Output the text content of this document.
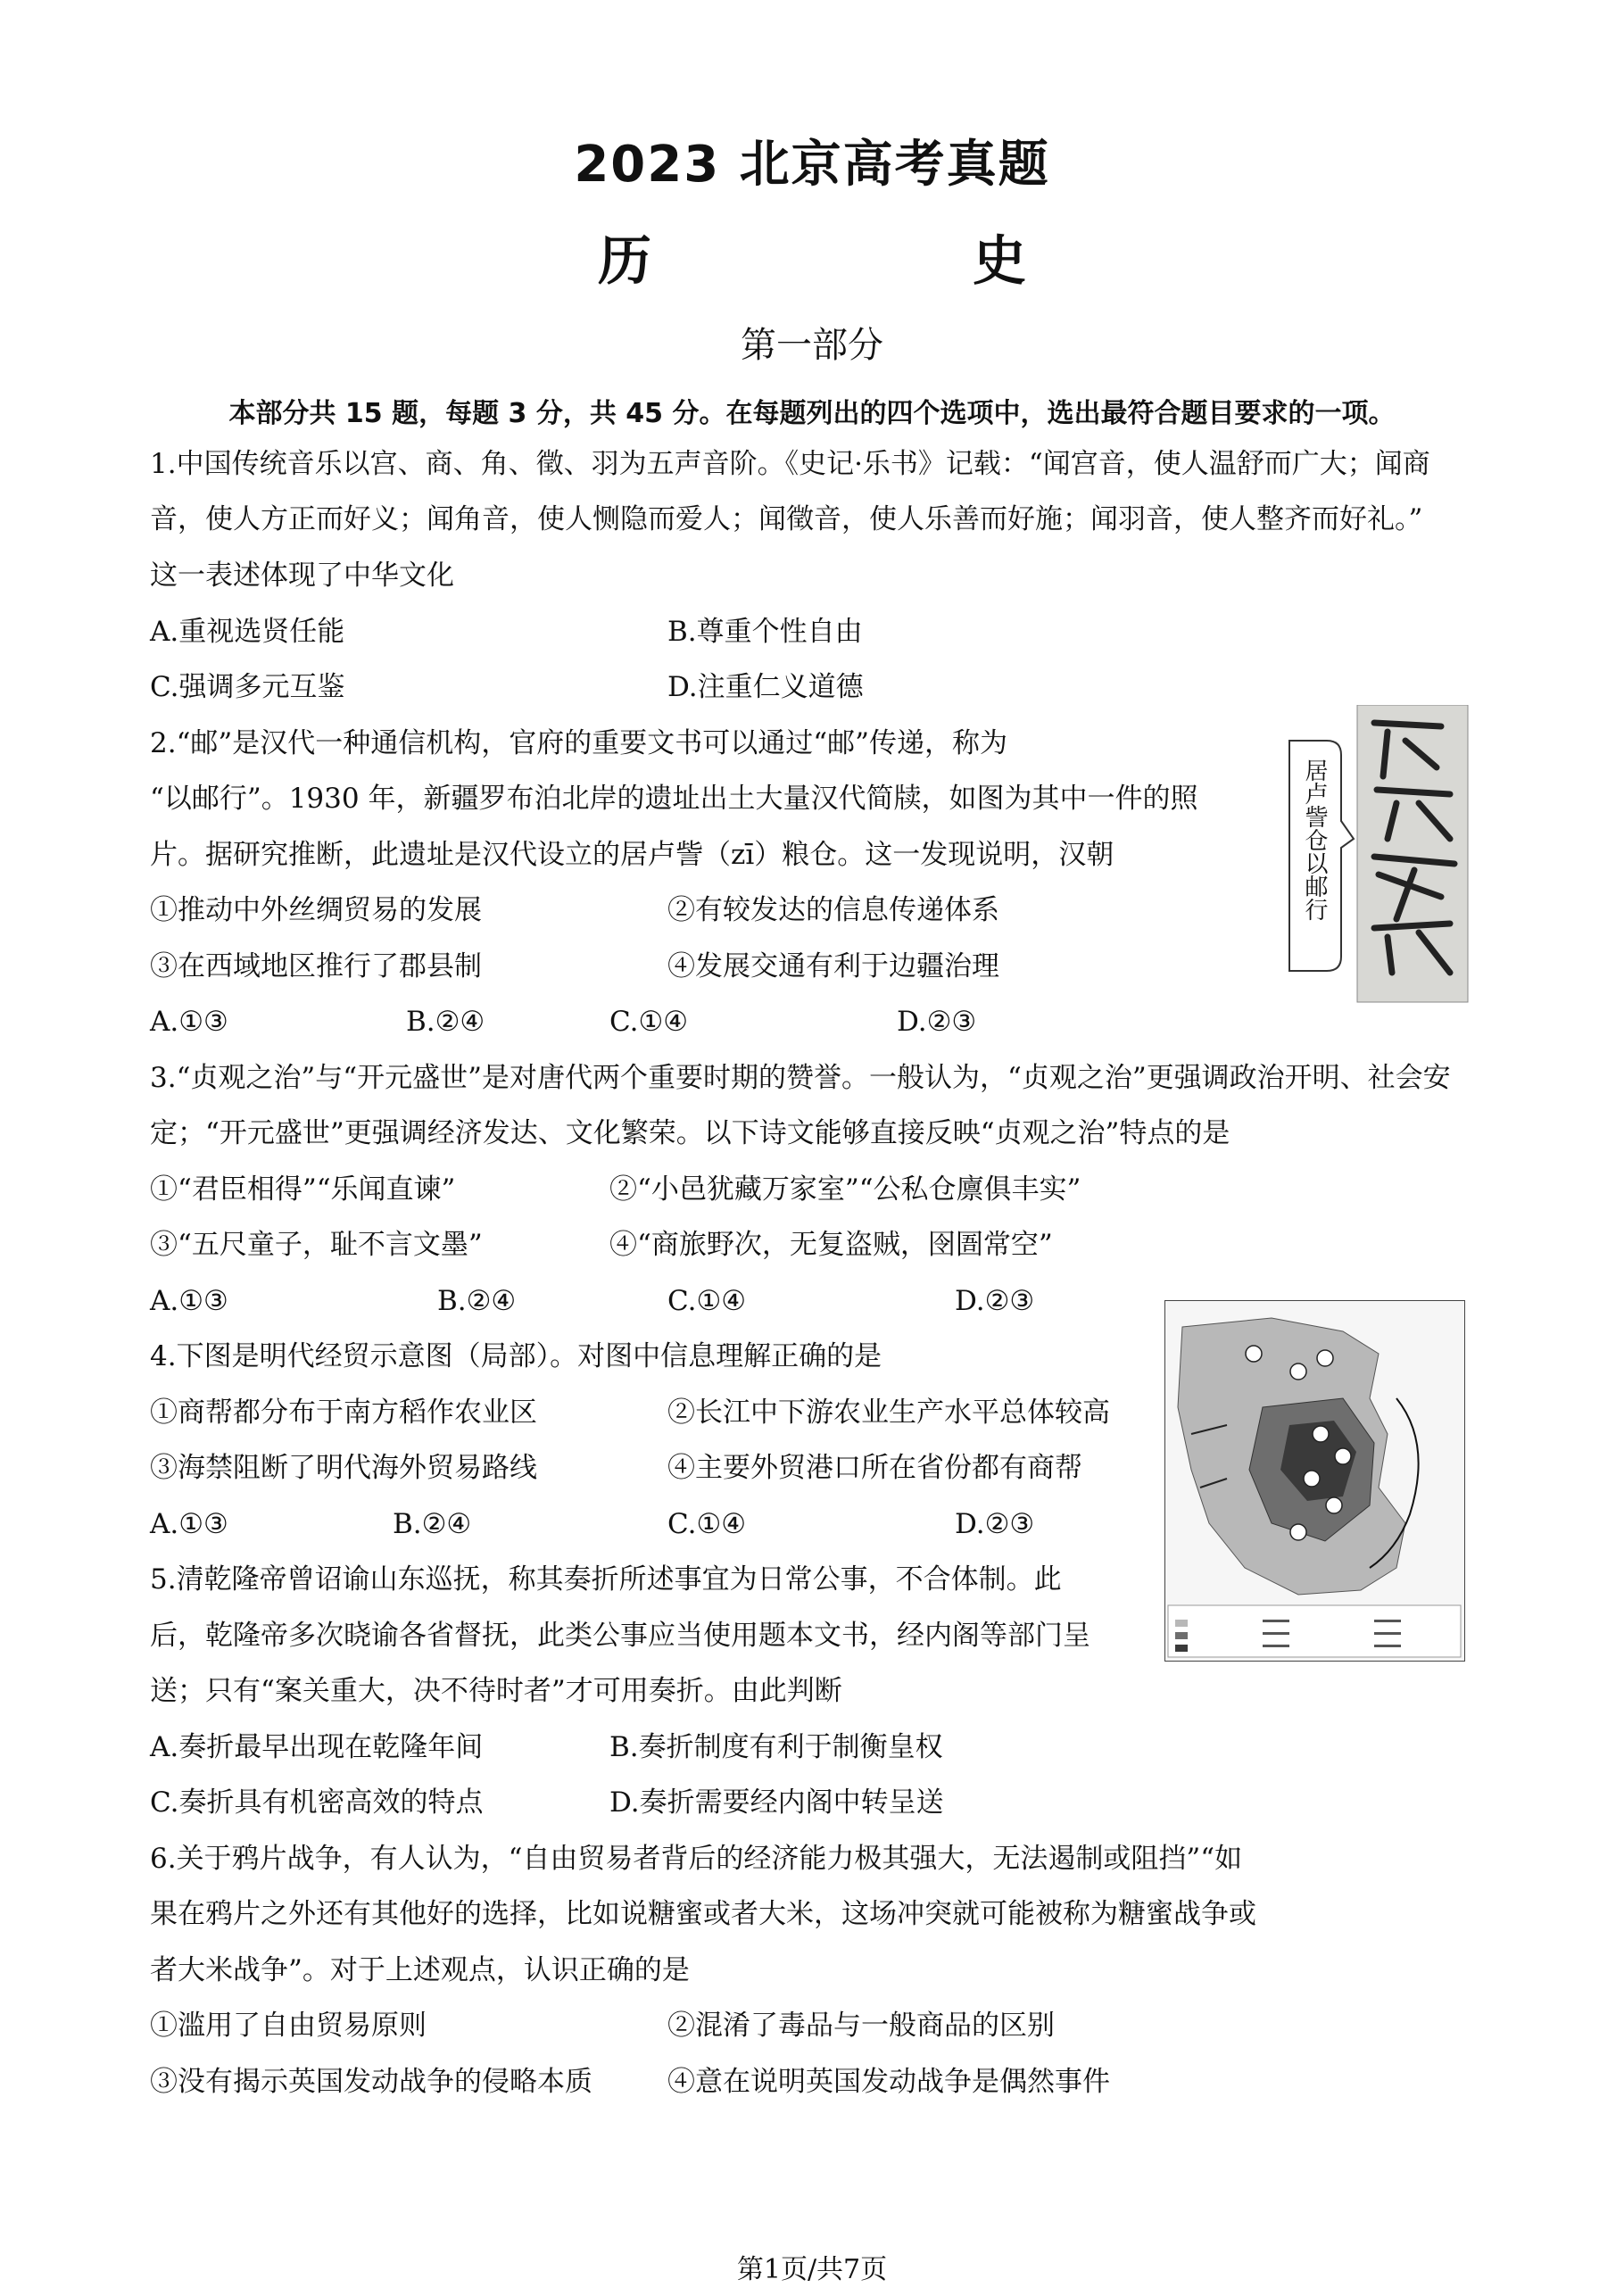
2023 北京高考真题
历　　史
第一部分
本部分共 15 题，每题 3 分，共 45 分。在每题列出的四个选项中，选出最符合题目要求的一项。
1.中国传统音乐以宫、商、角、徵、羽为五声音阶。《史记·乐书》记载：“闻宫音，使人温舒而广大；闻商
音，使人方正而好义；闻角音，使人恻隐而爱人；闻徵音，使人乐善而好施；闻羽音，使人整齐而好礼。”
这一表述体现了中华文化
A.重视选贤任能	B.尊重个性自由
C.强调多元互鉴	D.注重仁义道德
2.“邮”是汉代一种通信机构，官府的重要文书可以通过“邮”传递，称为
“以邮行”。1930 年，新疆罗布泊北岸的遗址出土大量汉代简牍，如图为其中一件的照
片。据研究推断，此遗址是汉代设立的居卢訾（zī）粮仓。这一发现说明，汉朝
①推动中外丝绸贸易的发展	②有较发达的信息传递体系
③在西域地区推行了郡县制	④发展交通有利于边疆治理
A.①③	B.②④	C.①④	D.②③
居卢訾仓以邮行
3.“贞观之治”与“开元盛世”是对唐代两个重要时期的赞誉。一般认为，“贞观之治”更强调政治开明、社会安
定；“开元盛世”更强调经济发达、文化繁荣。以下诗文能够直接反映“贞观之治”特点的是
①“君臣相得”“乐闻直谏”	②“小邑犹藏万家室”“公私仓廪俱丰实”
③“五尺童子，耻不言文墨”	④“商旅野次，无复盗贼，囹圄常空”
A.①③	B.②④	C.①④	D.②③
4.下图是明代经贸示意图（局部）。对图中信息理解正确的是
①商帮都分布于南方稻作农业区	②长江中下游农业生产水平总体较高
③海禁阻断了明代海外贸易路线	④主要外贸港口所在省份都有商帮
A.①③	B.②④	C.①④	D.②③
5.清乾隆帝曾诏谕山东巡抚，称其奏折所述事宜为日常公事，不合体制。此
后，乾隆帝多次晓谕各省督抚，此类公事应当使用题本文书，经内阁等部门呈
送；只有“案关重大，决不待时者”才可用奏折。由此判断
A.奏折最早出现在乾隆年间	B.奏折制度有利于制衡皇权
C.奏折具有机密高效的特点	D.奏折需要经内阁中转呈送
6.关于鸦片战争，有人认为，“自由贸易者背后的经济能力极其强大，无法遏制或阻挡”“如
果在鸦片之外还有其他好的选择，比如说糖蜜或者大米，这场冲突就可能被称为糖蜜战争或
者大米战争”。对于上述观点，认识正确的是
①滥用了自由贸易原则	②混淆了毒品与一般商品的区别
③没有揭示英国发动战争的侵略本质	④意在说明英国发动战争是偶然事件
第1页/共7页
